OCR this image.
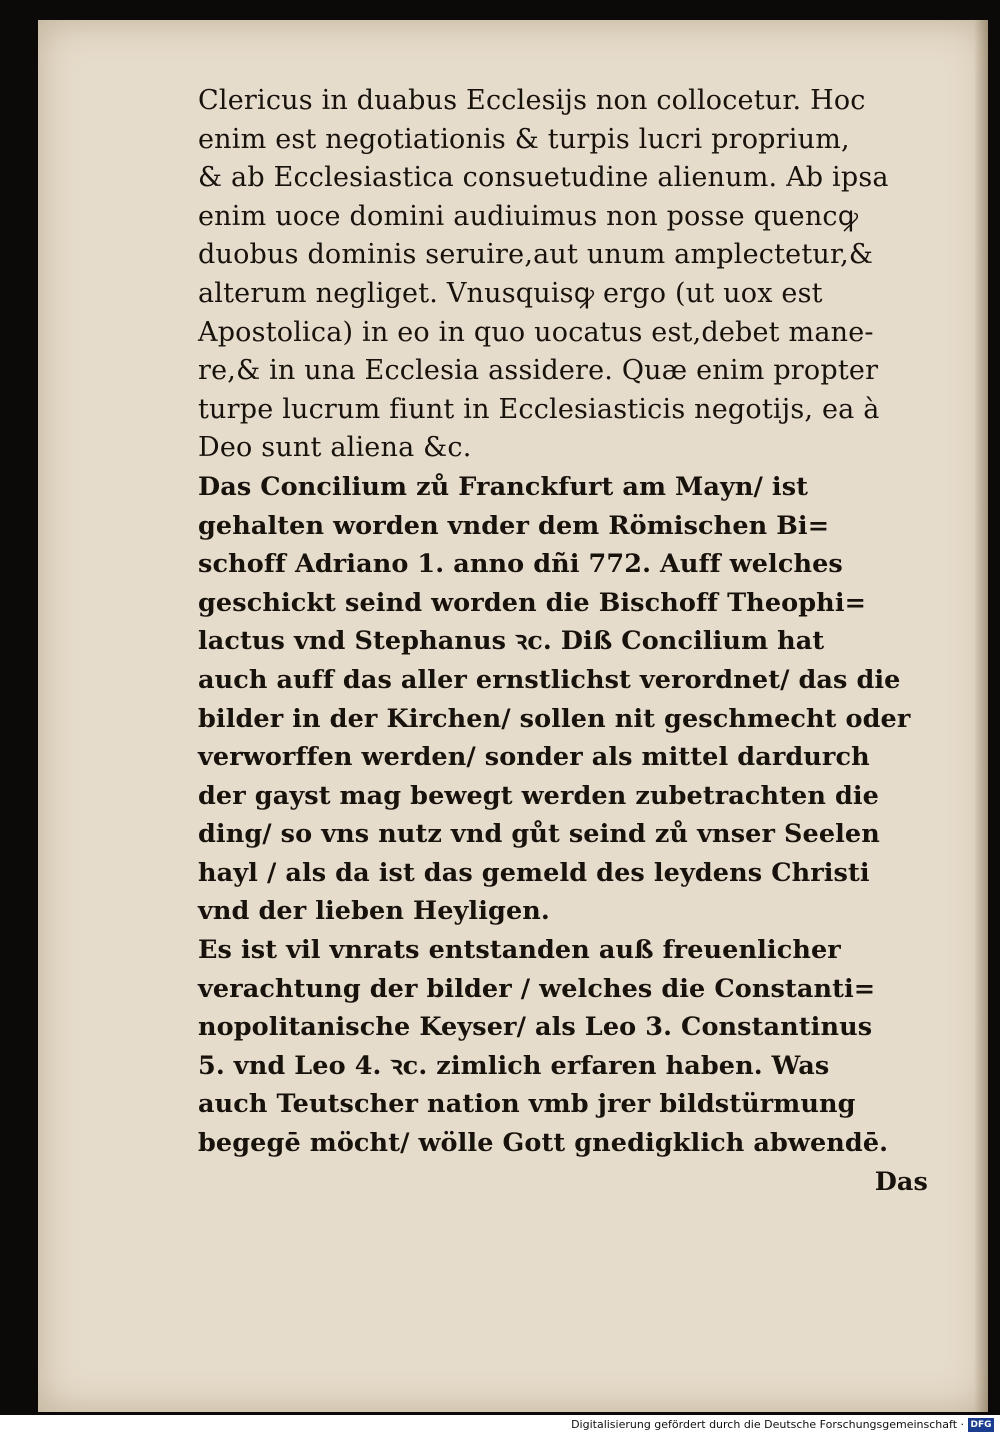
Clericus in duabus Ecclesijs non collocetur. Hoc
enim est negotiationis & turpis lucri proprium,
& ab Ecclesiastica consuetudine alienum. Ab ipsa
enim uoce domini audiuimus non posse quencꝙ
duobus dominis seruire,aut unum amplectetur,&
alterum negliget. Vnusquisꝙ ergo (ut uox est
Apostolica) in eo in quo uocatus est,debet mane-
re,& in una Ecclesia assidere. Quæ enim propter
turpe lucrum fiunt in Ecclesiasticis negotijs, ea à
Deo sunt aliena &c.
Das Concilium zů Franckfurt am Mayn/ ist
gehalten worden vnder dem Römischen Bi=
schoff Adriano 1. anno dñi 772. Auff welches
geschickt seind worden die Bischoff Theophi=
lactus vnd Stephanus ꝛc. Diß Concilium hat
auch auff das aller ernstlichst verordnet/ das die
bilder in der Kirchen/ sollen nit geschmecht oder
verworffen werden/ sonder als mittel dardurch
der gayst mag bewegt werden zubetrachten die
ding/ so vns nutz vnd gůt seind zů vnser Seelen
hayl / als da ist das gemeld des leydens Christi
vnd der lieben Heyligen.
Es ist vil vnrats entstanden auß freuenlicher
verachtung der bilder / welches die Constanti=
nopolitanische Keyser/ als Leo 3. Constantinus
5. vnd Leo 4. ꝛc. zimlich erfaren haben. Was
auch Teutscher nation vmb jrer bildstürmung
begegē möcht/ wölle Gott gnedigklich abwendē.
Das
Digitalisierung gefördert durch die Deutsche Forschungsgemeinschaft · DFG
